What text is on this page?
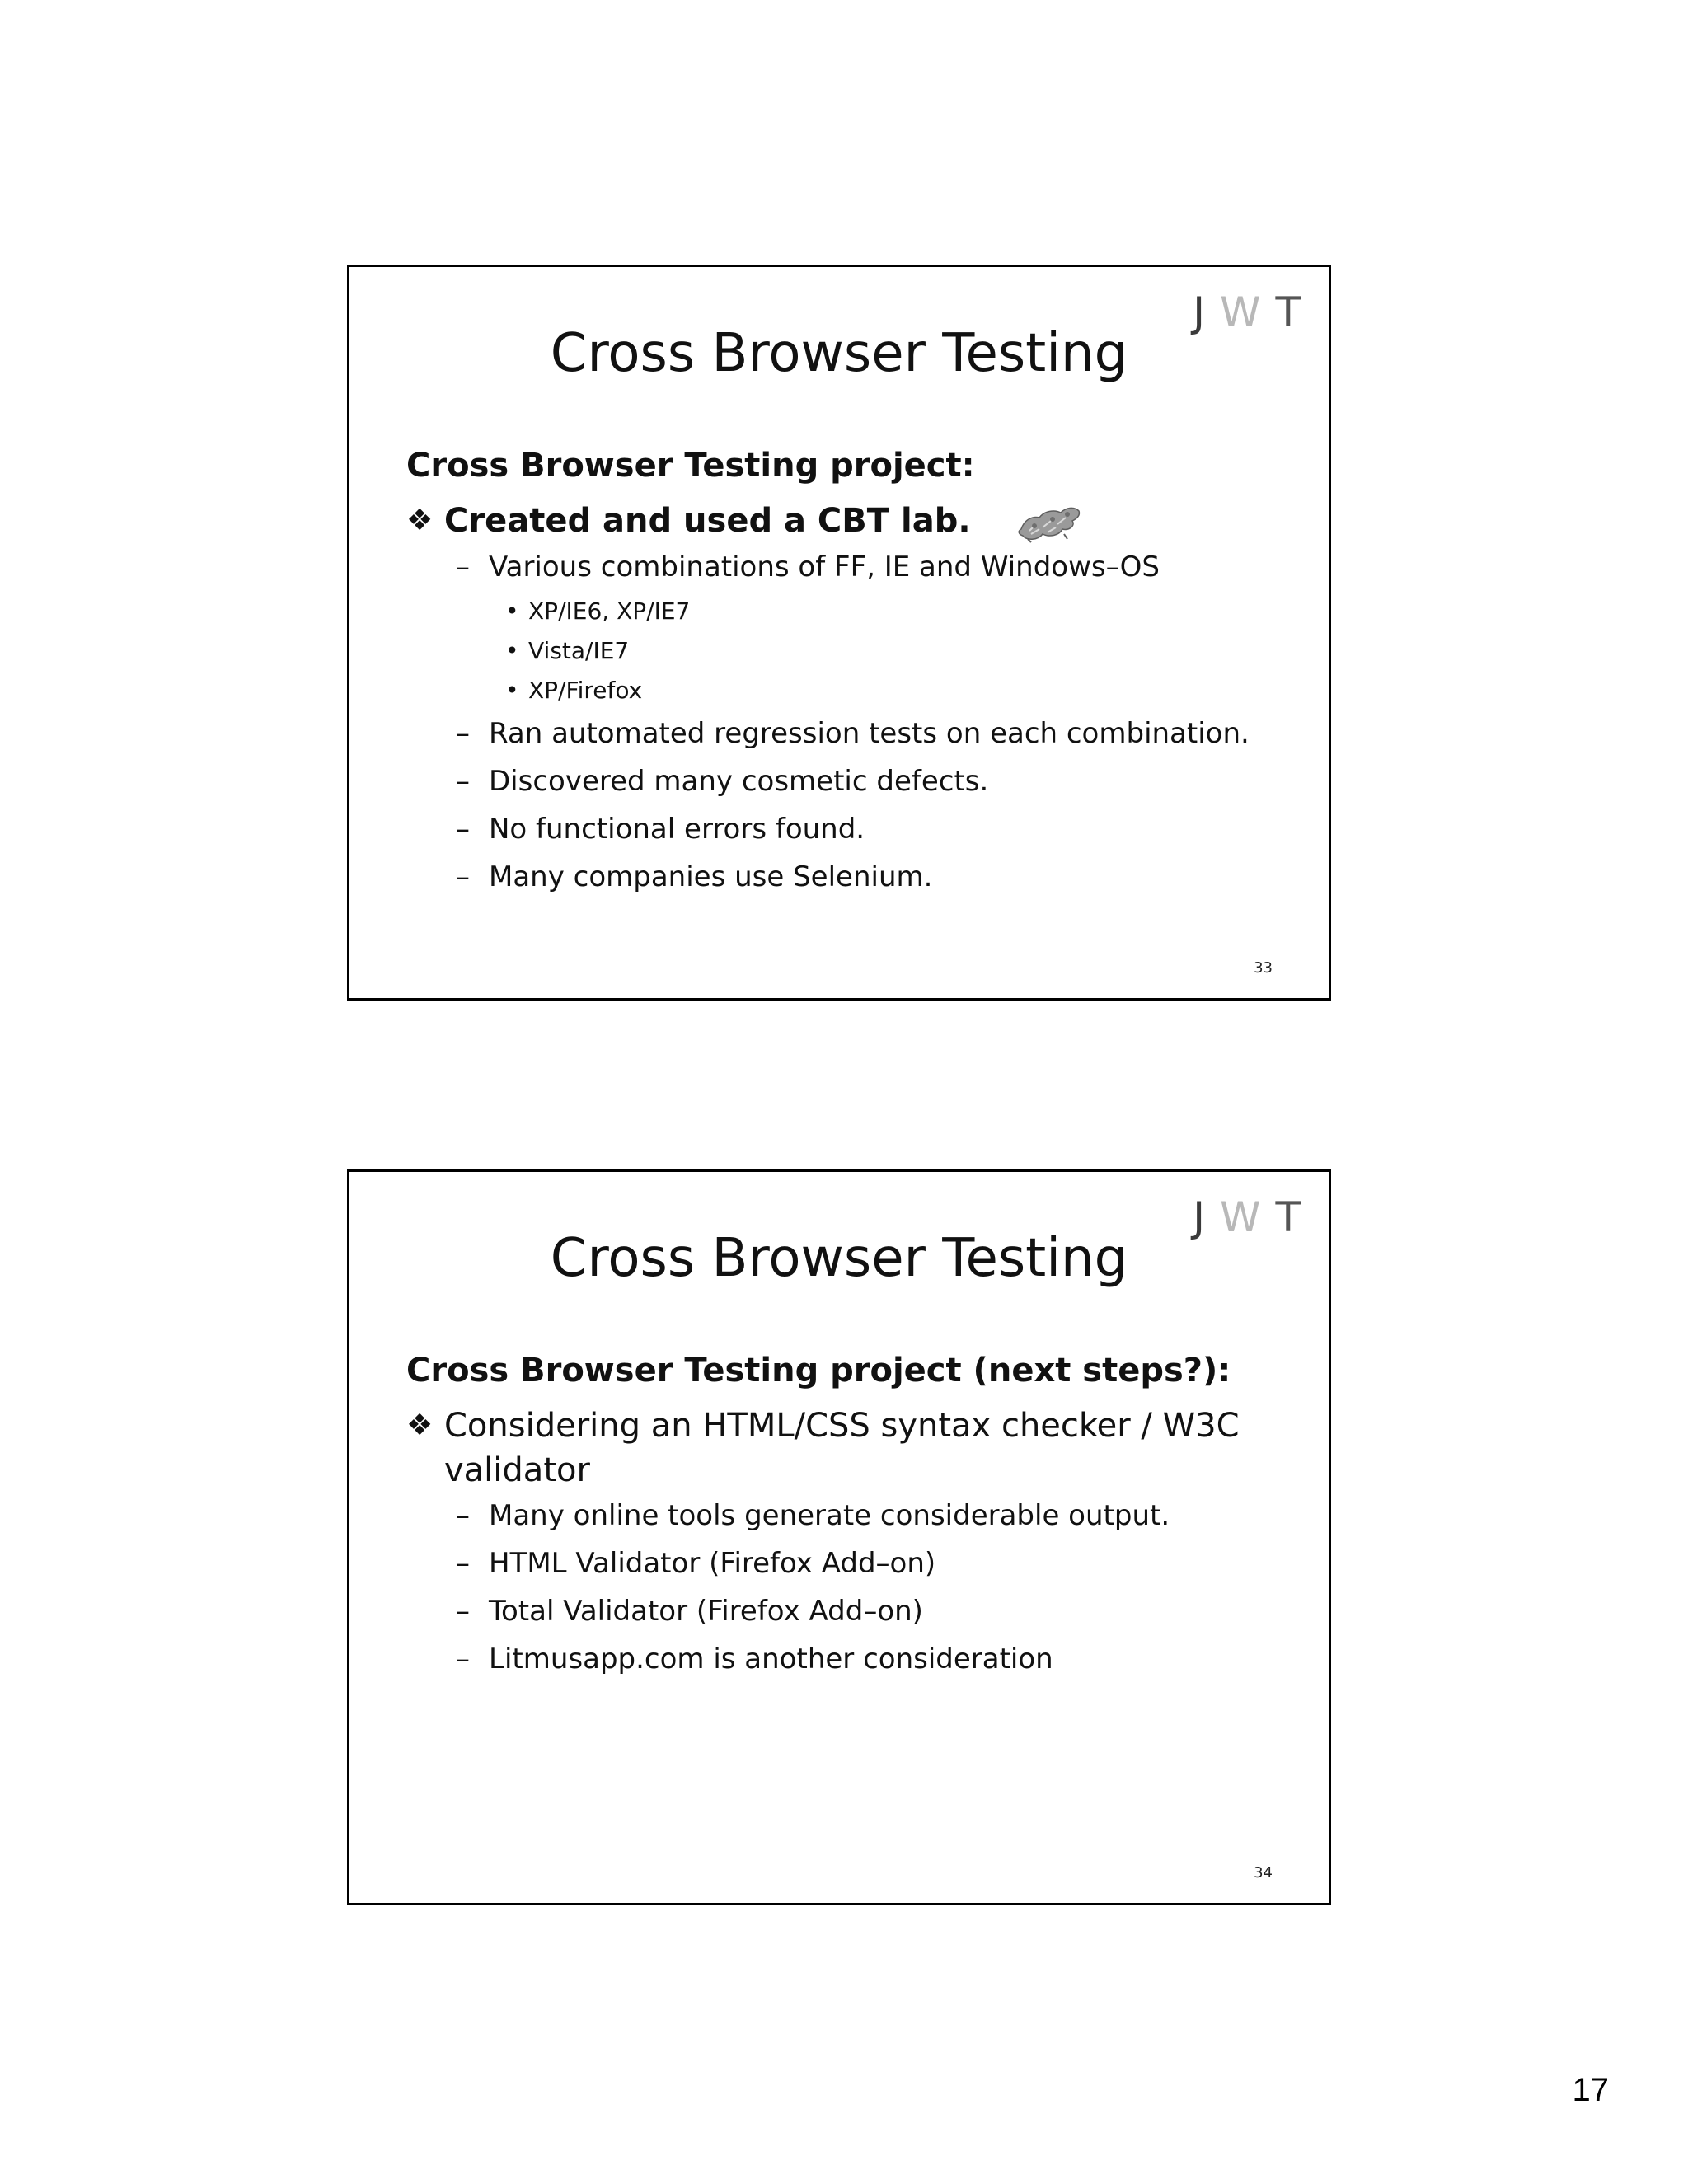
JWT
Cross Browser Testing
Cross Browser Testing project:
❖ Created and used a CBT lab.
– Various combinations of FF, IE and Windows–OS
• XP/IE6, XP/IE7
• Vista/IE7
• XP/Firefox
– Ran automated regression tests on each combination.
– Discovered many cosmetic defects.
– No functional errors found.
– Many companies use Selenium.
33
JWT
Cross Browser Testing
Cross Browser Testing project (next steps?):
❖ Considering an HTML/CSS syntax checker / W3C validator
– Many online tools generate considerable output.
– HTML Validator (Firefox Add–on)
– Total Validator (Firefox Add–on)
– Litmusapp.com is another consideration
34
17
